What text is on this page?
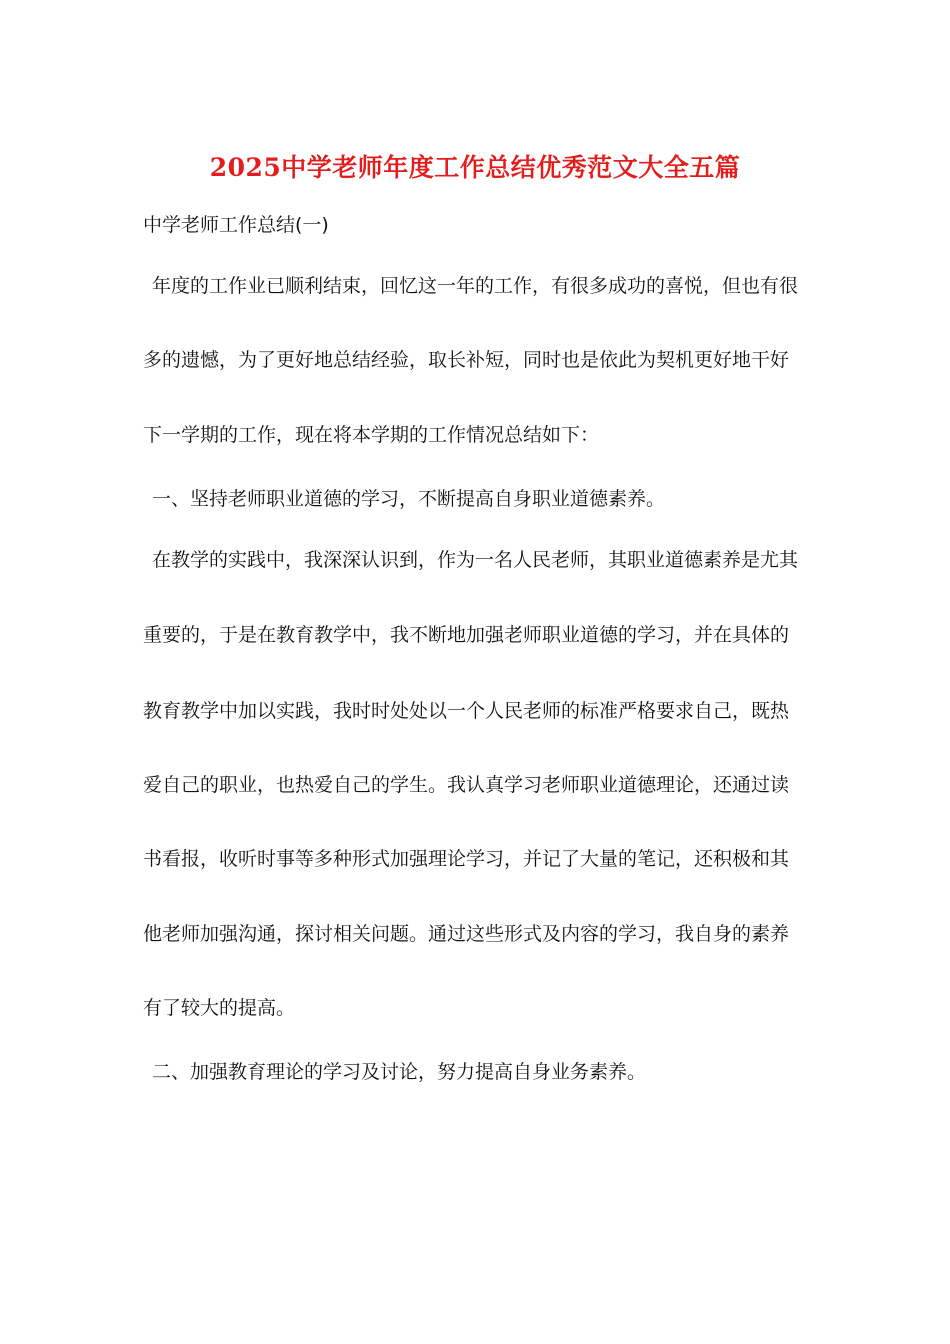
2025中学老师年度工作总结优秀范文大全五篇
中学老师工作总结(一)
年度的工作业已顺利结束，回忆这一年的工作，有很多成功的喜悦，但也有很
多的遗憾，为了更好地总结经验，取长补短，同时也是依此为契机更好地干好
下一学期的工作，现在将本学期的工作情况总结如下：
一、坚持老师职业道德的学习，不断提高自身职业道德素养。
在教学的实践中，我深深认识到，作为一名人民老师，其职业道德素养是尤其
重要的，于是在教育教学中，我不断地加强老师职业道德的学习，并在具体的
教育教学中加以实践，我时时处处以一个人民老师的标准严格要求自己，既热
爱自己的职业，也热爱自己的学生。我认真学习老师职业道德理论，还通过读
书看报，收听时事等多种形式加强理论学习，并记了大量的笔记，还积极和其
他老师加强沟通，探讨相关问题。通过这些形式及内容的学习，我自身的素养
有了较大的提高。
二、加强教育理论的学习及讨论，努力提高自身业务素养。
